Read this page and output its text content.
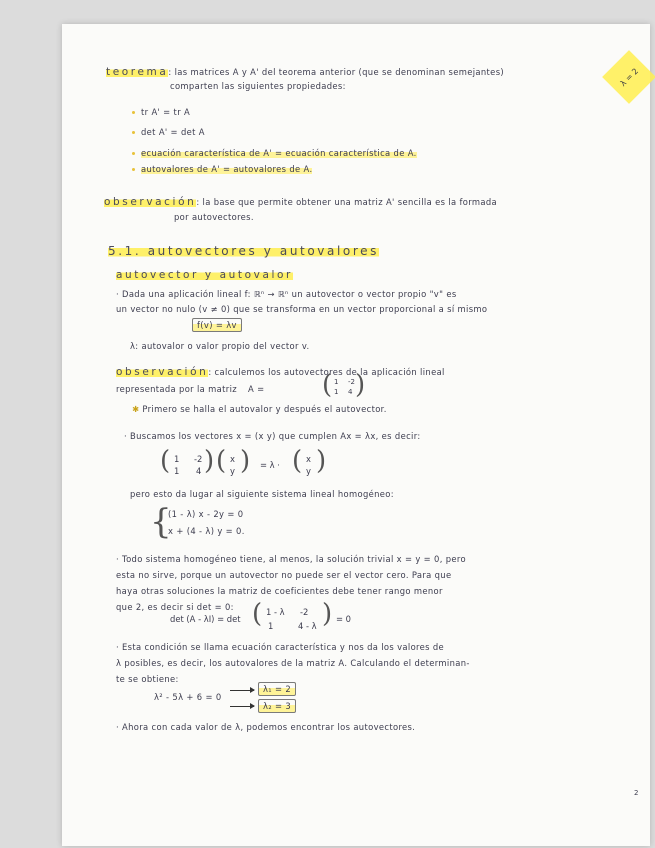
λ = 2
teorema: las matrices A y A' del teorema anterior (que se denominan semejantes)
comparten las siguientes propiedades:
tr A' = tr A
det A' = det A
ecuación característica de A' = ecuación característica de A.
autovalores de A' = autovalores de A.
observación: la base que permite obtener una matriz A' sencilla es la formada
por autovectores.
5.1. autovectores y autovalores
autovector y autovalor
· Dada una aplicación lineal f: ℝⁿ → ℝⁿ un autovector o vector propio "v" es
un vector no nulo (v ≠ 0) que se transforma en un vector proporcional a sí mismo
f(v) = λv
λ: autovalor o valor propio del vector v.
observación: calculemos los autovectores de la aplicación lineal
representada por la matriz A = ( 1 -2
1 4 )
✱ Primero se halla el autovalor y después el autovector.
· Buscamos los vectores x = (x y) que cumplen Ax = λx, es decir:
( 1 -2
1 4 ) ( x
y ) = λ · ( x
y )
pero esto da lugar al siguiente sistema lineal homogéneo:
{
(1 - λ) x - 2y = 0
x + (4 - λ) y = 0.
· Todo sistema homogéneo tiene, al menos, la solución trivial x = y = 0, pero
esta no sirve, porque un autovector no puede ser el vector cero. Para que
haya otras soluciones la matriz de coeficientes debe tener rango menor
que 2, es decir si det = 0:
det (A - λI) = det ( 1 - λ -2
1	4 - λ ) = 0
· Esta condición se llama ecuación característica y nos da los valores de
λ posibles, es decir, los autovalores de la matriz A. Calculando el determinan-
te se obtiene:
λ² - 5λ + 6 = 0
λ₁ = 2
λ₂ = 3
· Ahora con cada valor de λ, podemos encontrar los autovectores.
2
